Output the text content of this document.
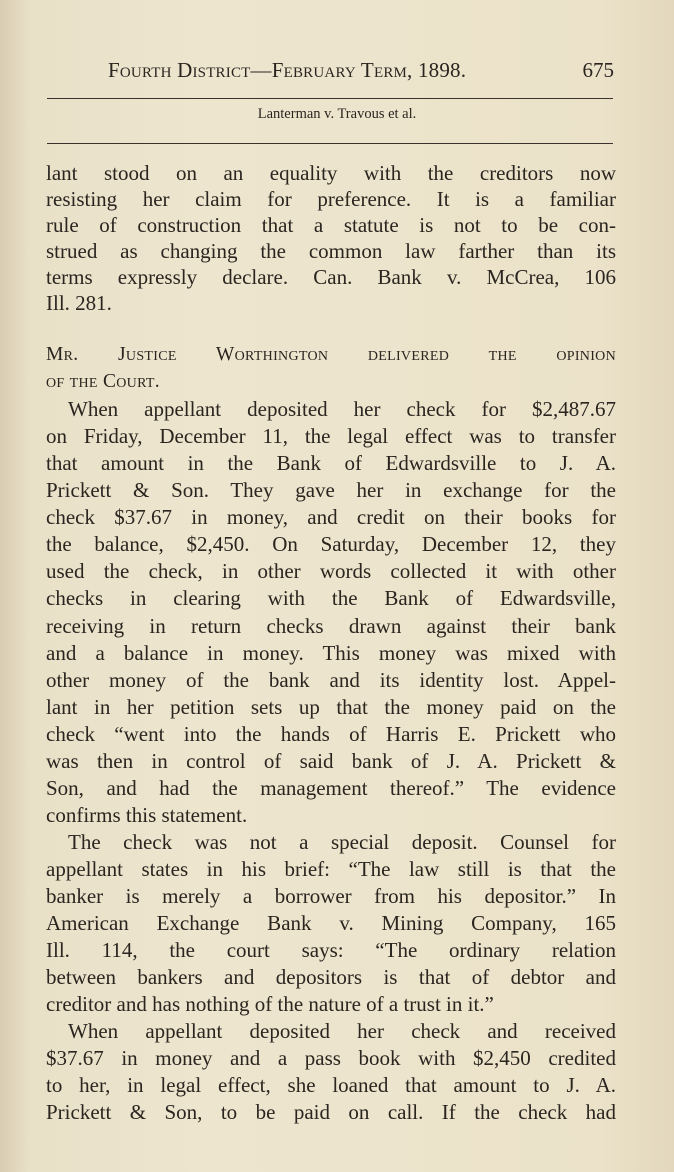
Fourth District—February Term, 1898.	675
Lanterman v. Travous et al.
lant stood on an equality with the creditors now
resisting her claim for preference. It is a familiar
rule of construction that a statute is not to be con-
strued as changing the common law farther than its
terms expressly declare. Can. Bank v. McCrea, 106
Ill. 281.
Mr. Justice Worthington delivered the opinion
of the Court.
When appellant deposited her check for $2,487.67
on Friday, December 11, the legal effect was to transfer
that amount in the Bank of Edwardsville to J. A.
Prickett & Son. They gave her in exchange for the
check $37.67 in money, and credit on their books for
the balance, $2,450. On Saturday, December 12, they
used the check, in other words collected it with other
checks in clearing with the Bank of Edwardsville,
receiving in return checks drawn against their bank
and a balance in money. This money was mixed with
other money of the bank and its identity lost. Appel-
lant in her petition sets up that the money paid on the
check “went into the hands of Harris E. Prickett who
was then in control of said bank of J. A. Prickett &
Son, and had the management thereof.” The evidence
confirms this statement.
The check was not a special deposit. Counsel for
appellant states in his brief: “The law still is that the
banker is merely a borrower from his depositor.” In
American Exchange Bank v. Mining Company, 165
Ill. 114, the court says: “The ordinary relation
between bankers and depositors is that of debtor and
creditor and has nothing of the nature of a trust in it.”
When appellant deposited her check and received
$37.67 in money and a pass book with $2,450 credited
to her, in legal effect, she loaned that amount to J. A.
Prickett & Son, to be paid on call. If the check had
